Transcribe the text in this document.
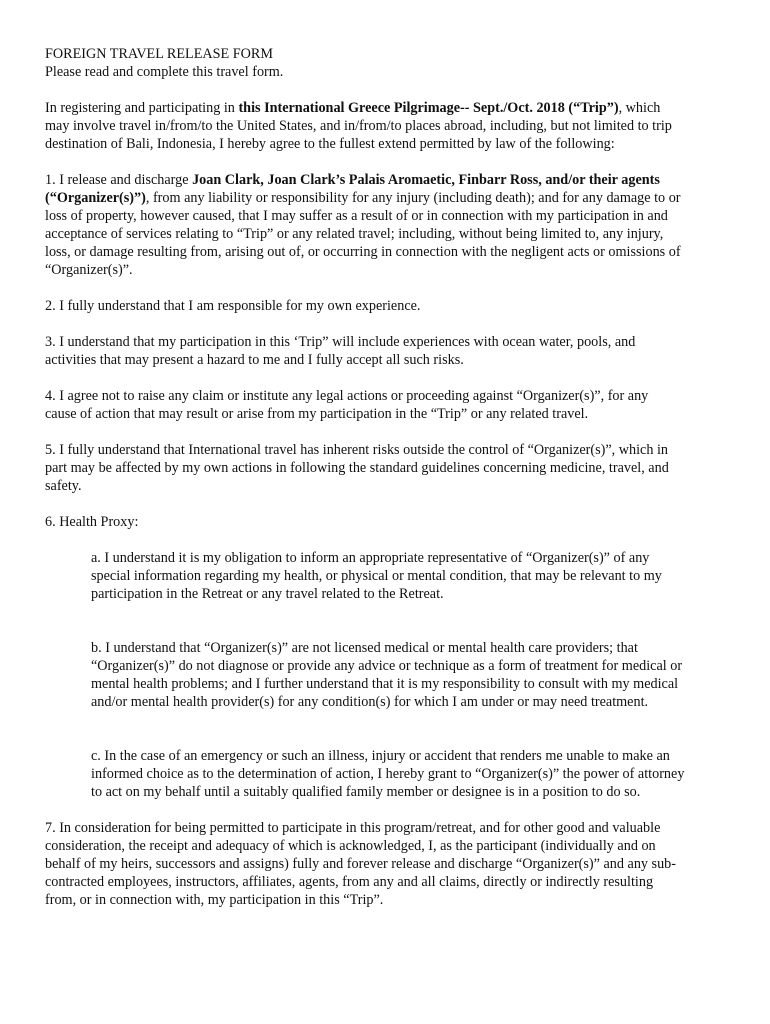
FOREIGN TRAVEL RELEASE FORM
Please read and complete this travel form.
In registering and participating in this International Greece Pilgrimage-- Sept./Oct. 2018 (“Trip”), which
may involve travel in/from/to the United States, and in/from/to places abroad, including, but not limited to trip
destination of Bali, Indonesia, I hereby agree to the fullest extend permitted by law of the following:
1. I release and discharge Joan Clark, Joan Clark’s Palais Aromaetic, Finbarr Ross, and/or their agents
(“Organizer(s)”), from any liability or responsibility for any injury (including death); and for any damage to or
loss of property, however caused, that I may suffer as a result of or in connection with my participation in and
acceptance of services relating to “Trip” or any related travel; including, without being limited to, any injury,
loss, or damage resulting from, arising out of, or occurring in connection with the negligent acts or omissions of
“Organizer(s)”.
2. I fully understand that I am responsible for my own experience.
3. I understand that my participation in this ‘Trip” will include experiences with ocean water, pools, and
activities that may present a hazard to me and I fully accept all such risks.
4. I agree not to raise any claim or institute any legal actions or proceeding against “Organizer(s)”, for any
cause of action that may result or arise from my participation in the “Trip” or any related travel.
5. I fully understand that International travel has inherent risks outside the control of “Organizer(s)”, which in
part may be affected by my own actions in following the standard guidelines concerning medicine, travel, and
safety.
6. Health Proxy:
a. I understand it is my obligation to inform an appropriate representative of “Organizer(s)” of any
special information regarding my health, or physical or mental condition, that may be relevant to my
participation in the Retreat or any travel related to the Retreat.
b. I understand that “Organizer(s)” are not licensed medical or mental health care providers; that
“Organizer(s)” do not diagnose or provide any advice or technique as a form of treatment for medical or
mental health problems; and I further understand that it is my responsibility to consult with my medical
and/or mental health provider(s) for any condition(s) for which I am under or may need treatment.
c. In the case of an emergency or such an illness, injury or accident that renders me unable to make an
informed choice as to the determination of action, I hereby grant to “Organizer(s)” the power of attorney
to act on my behalf until a suitably qualified family member or designee is in a position to do so.
7. In consideration for being permitted to participate in this program/retreat, and for other good and valuable
consideration, the receipt and adequacy of which is acknowledged, I, as the participant (individually and on
behalf of my heirs, successors and assigns) fully and forever release and discharge “Organizer(s)” and any sub-
contracted employees, instructors, affiliates, agents, from any and all claims, directly or indirectly resulting
from, or in connection with, my participation in this “Trip”.
